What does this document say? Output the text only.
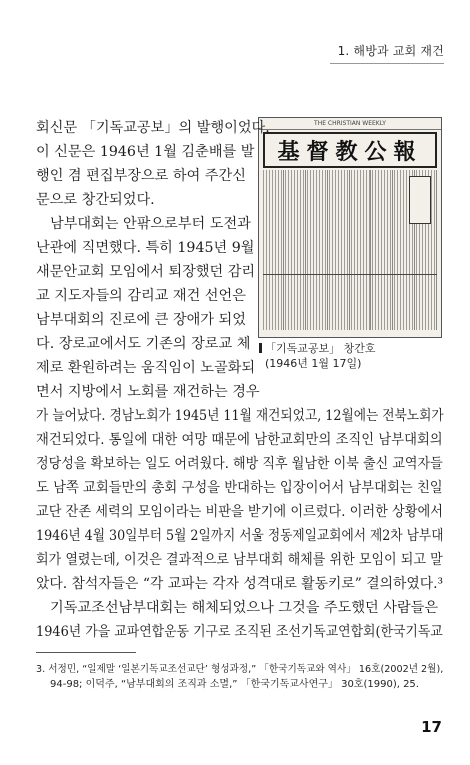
1. 해방과 교회 재건
THE CHRISTIAN WEEKLY
基督教公報
「기독교공보」 창간호
(1946년 1월 17일)
회신문 「기독교공보」의 발행이었다.
이 신문은 1946년 1월 김춘배를 발
행인 겸 편집부장으로 하여 주간신
문으로 창간되었다.
남부대회는 안팎으로부터 도전과
난관에 직면했다. 특히 1945년 9월
새문안교회 모임에서 퇴장했던 감리
교 지도자들의 감리교 재건 선언은
남부대회의 진로에 큰 장애가 되었
다. 장로교에서도 기존의 장로교 체
제로 환원하려는 움직임이 노골화되
면서 지방에서 노회를 재건하는 경우
가 늘어났다. 경남노회가 1945년 11월 재건되었고, 12월에는 전북노회가
재건되었다. 통일에 대한 여망 때문에 남한교회만의 조직인 남부대회의
정당성을 확보하는 일도 어려웠다. 해방 직후 월남한 이북 출신 교역자들
도 남쪽 교회들만의 총회 구성을 반대하는 입장이어서 남부대회는 친일
교단 잔존 세력의 모임이라는 비판을 받기에 이르렀다. 이러한 상황에서
1946년 4월 30일부터 5월 2일까지 서울 정동제일교회에서 제2차 남부대
회가 열렸는데, 이것은 결과적으로 남부대회 해체를 위한 모임이 되고 말
았다. 참석자들은 “각 교파는 각자 성격대로 활동키로” 결의하였다.³
기독교조선남부대회는 해체되었으나 그것을 주도했던 사람들은
1946년 가을 교파연합운동 기구로 조직된 조선기독교연합회(한국기독교
3. 서정민, “일제말 ‘일본기독교조선교단’ 형성과정,” 「한국기독교와 역사」 16호(2002년 2월),
94-98; 이덕주, “남부대회의 조직과 소멸,” 「한국기독교사연구」 30호(1990), 25.
17
